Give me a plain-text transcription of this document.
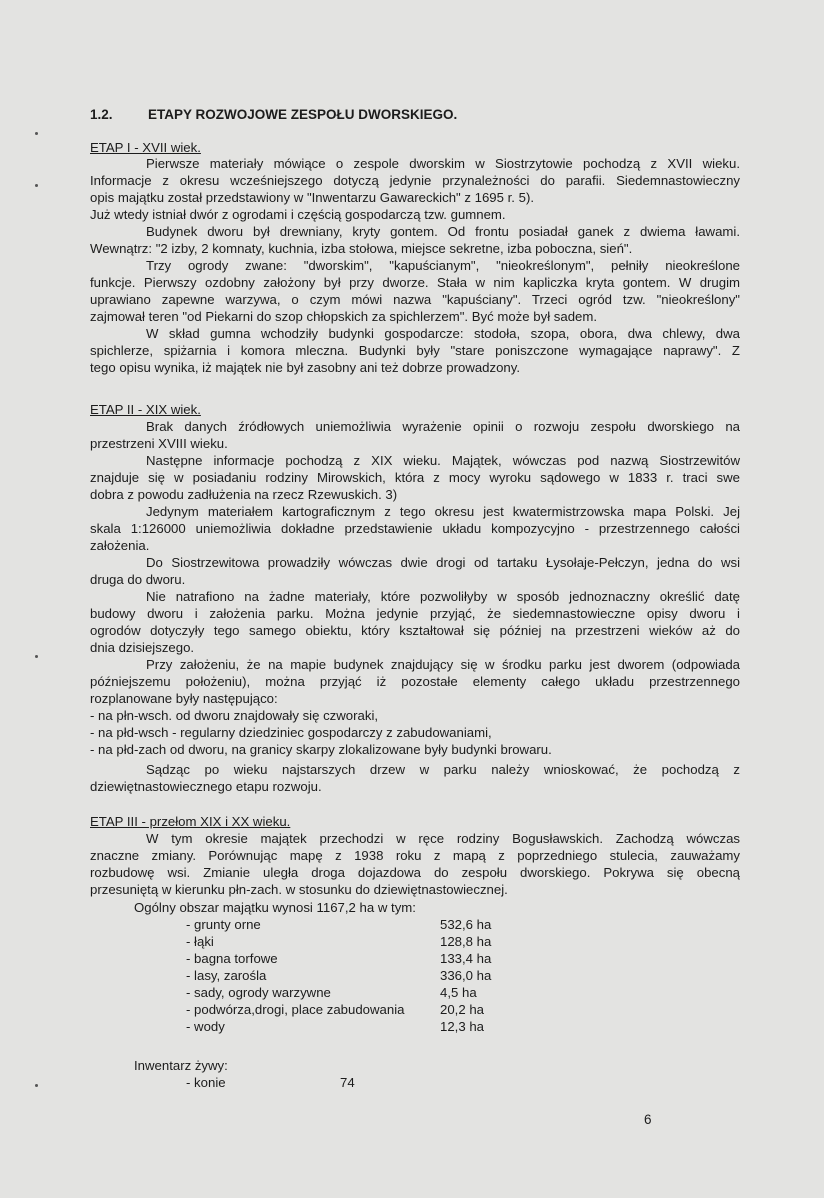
1.2.	ETAPY ROZWOJOWE ZESPOŁU DWORSKIEGO.
ETAP I - XVII wiek.
Pierwsze materiały mówiące o zespole dworskim w Siostrzytowie pochodzą z XVII wieku.
Informacje z okresu wcześniejszego dotyczą jedynie przynależności do parafii. Siedemnastowieczny
opis majątku został przedstawiony w "Inwentarzu Gawareckich" z 1695 r. 5).
Już wtedy istniał dwór z ogrodami i częścią gospodarczą tzw. gumnem.
Budynek dworu był drewniany, kryty gontem. Od frontu posiadał ganek z dwiema ławami.
Wewnątrz: "2 izby, 2 komnaty, kuchnia, izba stołowa, miejsce sekretne, izba poboczna, sień".
Trzy ogrody zwane: "dworskim", "kapuścianym", "nieokreślonym", pełniły nieokreślone
funkcje. Pierwszy ozdobny założony był przy dworze. Stała w nim kapliczka kryta gontem. W drugim
uprawiano zapewne warzywa, o czym mówi nazwa "kapuściany". Trzeci ogród tzw. "nieokreślony"
zajmował teren "od Piekarni do szop chłopskich za spichlerzem". Być może był sadem.
W skład gumna wchodziły budynki gospodarcze: stodoła, szopa, obora, dwa chlewy, dwa
spichlerze, spiżarnia i komora mleczna. Budynki były "stare poniszczone wymagające naprawy". Z
tego opisu wynika, iż majątek nie był zasobny ani też dobrze prowadzony.
ETAP II - XIX wiek.
Brak danych źródłowych uniemożliwia wyrażenie opinii o rozwoju zespołu dworskiego na
przestrzeni XVIII wieku.
Następne informacje pochodzą z XIX wieku. Majątek, wówczas pod nazwą Siostrzewitów
znajduje się w posiadaniu rodziny Mirowskich, która z mocy wyroku sądowego w 1833 r. traci swe
dobra z powodu zadłużenia na rzecz Rzewuskich. 3)
Jedynym materiałem kartograficznym z tego okresu jest kwatermistrzowska mapa Polski. Jej
skala 1:126000 uniemożliwia dokładne przedstawienie układu kompozycyjno - przestrzennego całości
założenia.
Do Siostrzewitowa prowadziły wówczas dwie drogi od tartaku Łysołaje-Pełczyn, jedna do wsi
druga do dworu.
Nie natrafiono na żadne materiały, które pozwoliłyby w sposób jednoznaczny określić datę
budowy dworu i założenia parku. Można jedynie przyjąć, że siedemnastowieczne opisy dworu i
ogrodów dotyczyły tego samego obiektu, który kształtował się później na przestrzeni wieków aż do
dnia dzisiejszego.
Przy założeniu, że na mapie budynek znajdujący się w środku parku jest dworem (odpowiada
późniejszemu położeniu), można przyjąć iż pozostałe elementy całego układu przestrzennego
rozplanowane były następująco:
- na płn-wsch. od dworu znajdowały się czworaki,
- na płd-wsch - regularny dziedziniec gospodarczy z zabudowaniami,
- na płd-zach od dworu, na granicy skarpy zlokalizowane były budynki browaru.
Sądząc po wieku najstarszych drzew w parku należy wnioskować, że pochodzą z
dziewiętnastowiecznego etapu rozwoju.
ETAP III - przełom XIX i XX wieku.
W tym okresie majątek przechodzi w ręce rodziny Bogusławskich. Zachodzą wówczas
znaczne zmiany. Porównując mapę z 1938 roku z mapą z poprzedniego stulecia, zauważamy
rozbudowę wsi. Zmianie uległa droga dojazdowa do zespołu dworskiego. Pokrywa się obecną
przesuniętą w kierunku płn-zach. w stosunku do dziewiętnastowiecznej.
Ogólny obszar majątku wynosi 1167,2 ha w tym:
- grunty orne	532,6 ha
- łąki	128,8 ha
- bagna torfowe	133,4 ha
- lasy, zarośla	336,0 ha
- sady, ogrody warzywne	4,5 ha
- podwórza,drogi, place zabudowania	20,2 ha
- wody	12,3 ha
Inwentarz żywy:
- konie	74
6
